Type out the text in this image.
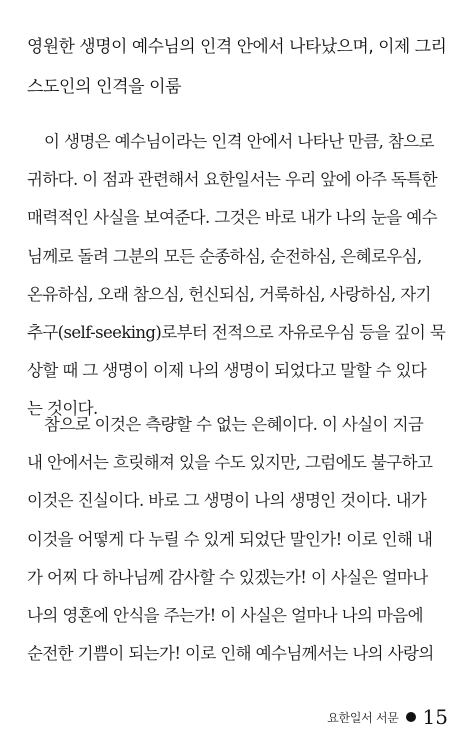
영원한 생명이 예수님의 인격 안에서 나타났으며, 이제 그리
스도인의 인격을 이룸
이 생명은 예수님이라는 인격 안에서 나타난 만큼, 참으로
귀하다. 이 점과 관련해서 요한일서는 우리 앞에 아주 독특한
매력적인 사실을 보여준다. 그것은 바로 내가 나의 눈을 예수
님께로 돌려 그분의 모든 순종하심, 순전하심, 은혜로우심,
온유하심, 오래 참으심, 헌신되심, 거룩하심, 사랑하심, 자기
추구(self-seeking)로부터 전적으로 자유로우심 등을 깊이 묵
상할 때 그 생명이 이제 나의 생명이 되었다고 말할 수 있다
는 것이다.
참으로 이것은 측량할 수 없는 은혜이다. 이 사실이 지금
내 안에서는 흐릿해져 있을 수도 있지만, 그럼에도 불구하고
이것은 진실이다. 바로 그 생명이 나의 생명인 것이다. 내가
이것을 어떻게 다 누릴 수 있게 되었단 말인가! 이로 인해 내
가 어찌 다 하나님께 감사할 수 있겠는가! 이 사실은 얼마나
나의 영혼에 안식을 주는가! 이 사실은 얼마나 나의 마음에
순전한 기쁨이 되는가! 이로 인해 예수님께서는 나의 사랑의
요한일서 서문 15
